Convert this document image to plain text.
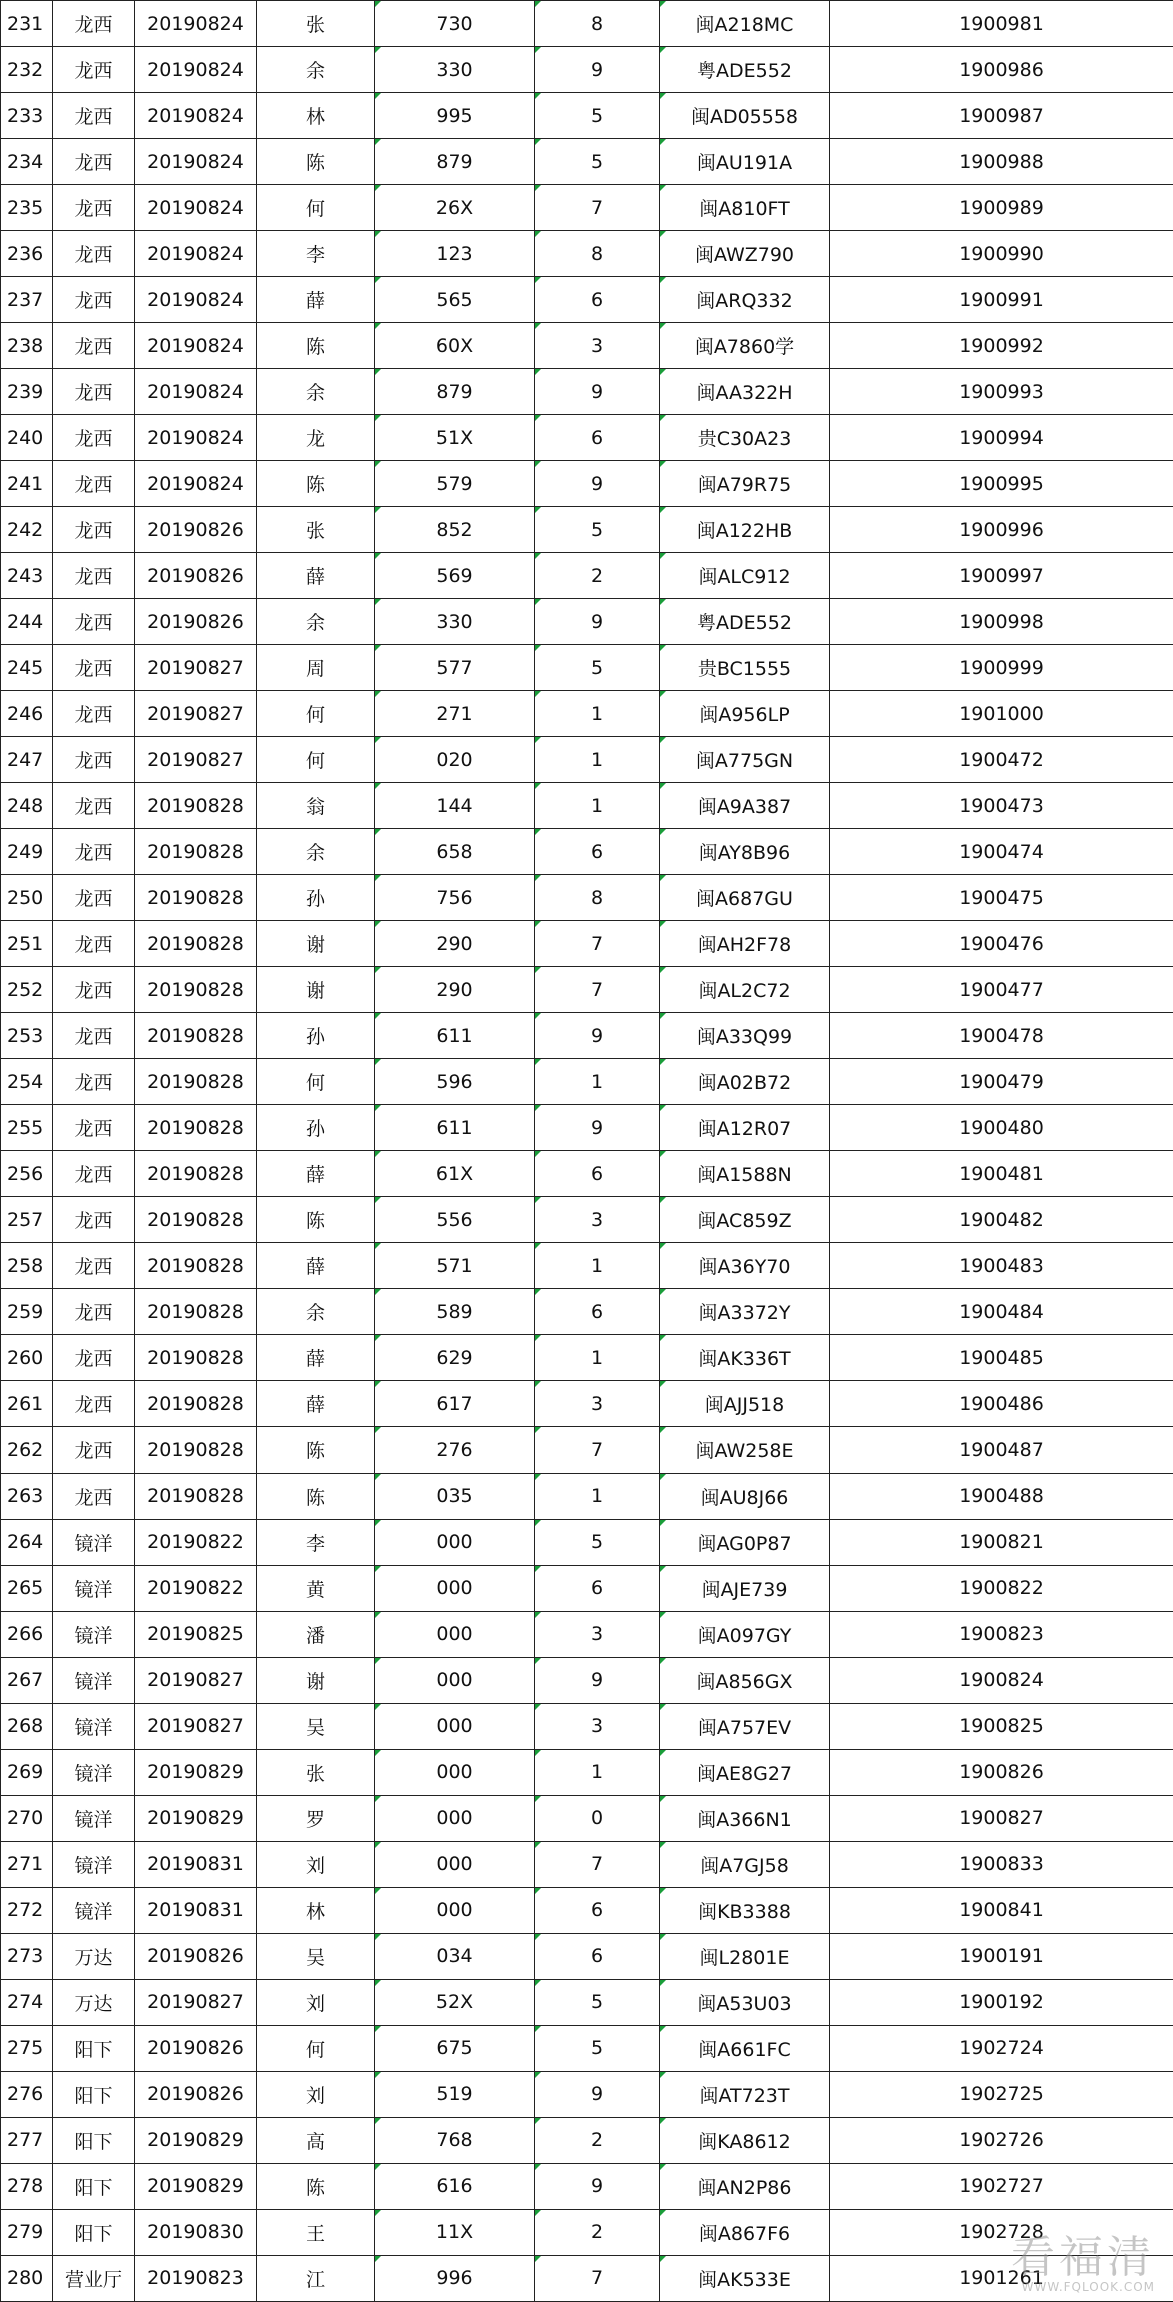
231	龙西	20190824	张	730	8	闽A218MC	1900981
232	龙西	20190824	余	330	9	粤ADE552	1900986
233	龙西	20190824	林	995	5	闽AD05558	1900987
234	龙西	20190824	陈	879	5	闽AU191A	1900988
235	龙西	20190824	何	26X	7	闽A810FT	1900989
236	龙西	20190824	李	123	8	闽AWZ790	1900990
237	龙西	20190824	薛	565	6	闽ARQ332	1900991
238	龙西	20190824	陈	60X	3	闽A7860学	1900992
239	龙西	20190824	余	879	9	闽AA322H	1900993
240	龙西	20190824	龙	51X	6	贵C30A23	1900994
241	龙西	20190824	陈	579	9	闽A79R75	1900995
242	龙西	20190826	张	852	5	闽A122HB	1900996
243	龙西	20190826	薛	569	2	闽ALC912	1900997
244	龙西	20190826	余	330	9	粤ADE552	1900998
245	龙西	20190827	周	577	5	贵BC1555	1900999
246	龙西	20190827	何	271	1	闽A956LP	1901000
247	龙西	20190827	何	020	1	闽A775GN	1900472
248	龙西	20190828	翁	144	1	闽A9A387	1900473
249	龙西	20190828	余	658	6	闽AY8B96	1900474
250	龙西	20190828	孙	756	8	闽A687GU	1900475
251	龙西	20190828	谢	290	7	闽AH2F78	1900476
252	龙西	20190828	谢	290	7	闽AL2C72	1900477
253	龙西	20190828	孙	611	9	闽A33Q99	1900478
254	龙西	20190828	何	596	1	闽A02B72	1900479
255	龙西	20190828	孙	611	9	闽A12R07	1900480
256	龙西	20190828	薛	61X	6	闽A1588N	1900481
257	龙西	20190828	陈	556	3	闽AC859Z	1900482
258	龙西	20190828	薛	571	1	闽A36Y70	1900483
259	龙西	20190828	余	589	6	闽A3372Y	1900484
260	龙西	20190828	薛	629	1	闽AK336T	1900485
261	龙西	20190828	薛	617	3	闽AJJ518	1900486
262	龙西	20190828	陈	276	7	闽AW258E	1900487
263	龙西	20190828	陈	035	1	闽AU8J66	1900488
264	镜洋	20190822	李	000	5	闽AG0P87	1900821
265	镜洋	20190822	黄	000	6	闽AJE739	1900822
266	镜洋	20190825	潘	000	3	闽A097GY	1900823
267	镜洋	20190827	谢	000	9	闽A856GX	1900824
268	镜洋	20190827	吴	000	3	闽A757EV	1900825
269	镜洋	20190829	张	000	1	闽AE8G27	1900826
270	镜洋	20190829	罗	000	0	闽A366N1	1900827
271	镜洋	20190831	刘	000	7	闽A7GJ58	1900833
272	镜洋	20190831	林	000	6	闽KB3388	1900841
273	万达	20190826	吴	034	6	闽L2801E	1900191
274	万达	20190827	刘	52X	5	闽A53U03	1900192
275	阳下	20190826	何	675	5	闽A661FC	1902724
276	阳下	20190826	刘	519	9	闽AT723T	1902725
277	阳下	20190829	高	768	2	闽KA8612	1902726
278	阳下	20190829	陈	616	9	闽AN2P86	1902727
279	阳下	20190830	王	11X	2	闽A867F6	1902728
280	营业厅	20190823	江	996	7	闽AK533E	1901261
看福清
WWW.FQLOOK.COM
